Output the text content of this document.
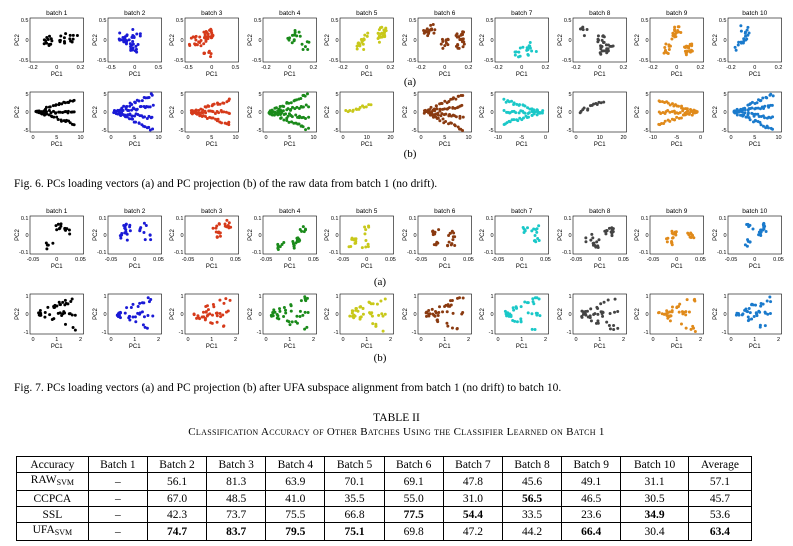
batch 1
0.5
0
-0.5
-0.2	0	0.2
PC1
PC2
batch 2
0.5
0
-0.5
-0.5	0	0.5
PC1
PC2
batch 3
0.5
0
-0.5
-0.5	0	0.5
PC1
PC2
batch 4
0.5
0
-0.5
-0.2	0	0.2
PC1
PC2
batch 5
0.5
0
-0.5
-0.2	0	0.2
PC1
PC2
batch 6
0.5
0
-0.5
-0.2	0	0.2
PC1
PC2
batch 7
0.5
0
-0.5
-0.2	0	0.2
PC1
PC2
batch 8
0.5
0
-0.5
-0.2	0	0.2
PC1
PC2
batch 9
0.5
0
-0.5
-0.2	0	0.2
PC1
PC2
batch 10
0.5
0
-0.5
-0.2	0	0.2
PC1
PC2
(a)
5
0
-5
0	5	10
PC1
PC2
5
0
-5
0	5	10
PC1
PC2
5
0
-5
0	5	10
PC1
PC2
5
0
-5
0	5	10
PC1
PC2
5
0
-5
0	10	20
PC1
PC2
5
0
-5
0	5	10
PC1
PC2
5
0
-5
-10	-5	0
PC1
PC2
5
0
-5
0	10	20
PC1
PC2
5
0
-5
-10	-5	0
PC1
PC2
5
0
-5
0	5	10
PC1
PC2
(b)
Fig. 6. PCs loading vectors (a) and PC projection (b) of the raw data from batch 1 (no drift).
batch 1
0.1
0
-0.1
-0.05	0	0.05
PC1
PC2
batch 2
0.1
0
-0.1
-0.05	0	0.05
PC1
PC2
batch 3
0.1
0
-0.1
-0.05	0	0.05
PC1
PC2
batch 4
0.1
0
-0.1
-0.05	0	0.05
PC1
PC2
batch 5
0.1
0
-0.1
-0.05	0	0.05
PC1
PC2
batch 6
0.1
0
-0.1
-0.05	0	0.05
PC1
PC2
batch 7
0.1
0
-0.1
-0.05	0	0.05
PC1
PC2
batch 8
0.1
0
-0.1
-0.05	0	0.05
PC1
PC2
batch 9
0.1
0
-0.1
-0.05	0	0.05
PC1
PC2
batch 10
0.1
0
-0.1
-0.05	0	0.05
PC1
PC2
(a)
1
0
-1
0	1	2
PC1
PC2
1
0
-1
0	1	2
PC1
PC2
1
0
-1
0	1	2
PC1
PC2
1
0
-1
0	1	2
PC1
PC2
1
0
-1
0	1	2
PC1
PC2
1
0
-1
0	1	2
PC1
PC2
1
0
-1
0	1	2
PC1
PC2
1
0
-1
0	1	2
PC1
PC2
1
0
-1
0	1	2
PC1
PC2
1
0
-1
0	1	2
PC1
PC2
(b)
Fig. 7. PCs loading vectors (a) and PC projection (b) after UFA subspace alignment from batch 1 (no drift) to batch 10.
TABLE II
Classification Accuracy of Other Batches Using the Classifier Learned on Batch 1
Accuracy	Batch 1	Batch 2	Batch 3	Batch 4	Batch 5	Batch 6	Batch 7	Batch 8	Batch 9	Batch 10	Average
$RAW_{SVM}$	–	56.1	81.3	63.9	70.1	69.1	47.8	45.6	49.1	31.1	57.1
CCPCA	–	67.0	48.5	41.0	35.5	55.0	31.0	56.5	46.5	30.5	45.7
SSL	–	42.3	73.7	75.5	66.8	77.5	54.4	33.5	23.6	34.9	53.6
$UFA_{SVM}$	–	74.7	83.7	79.5	75.1	69.8	47.2	44.2	66.4	30.4	63.4
